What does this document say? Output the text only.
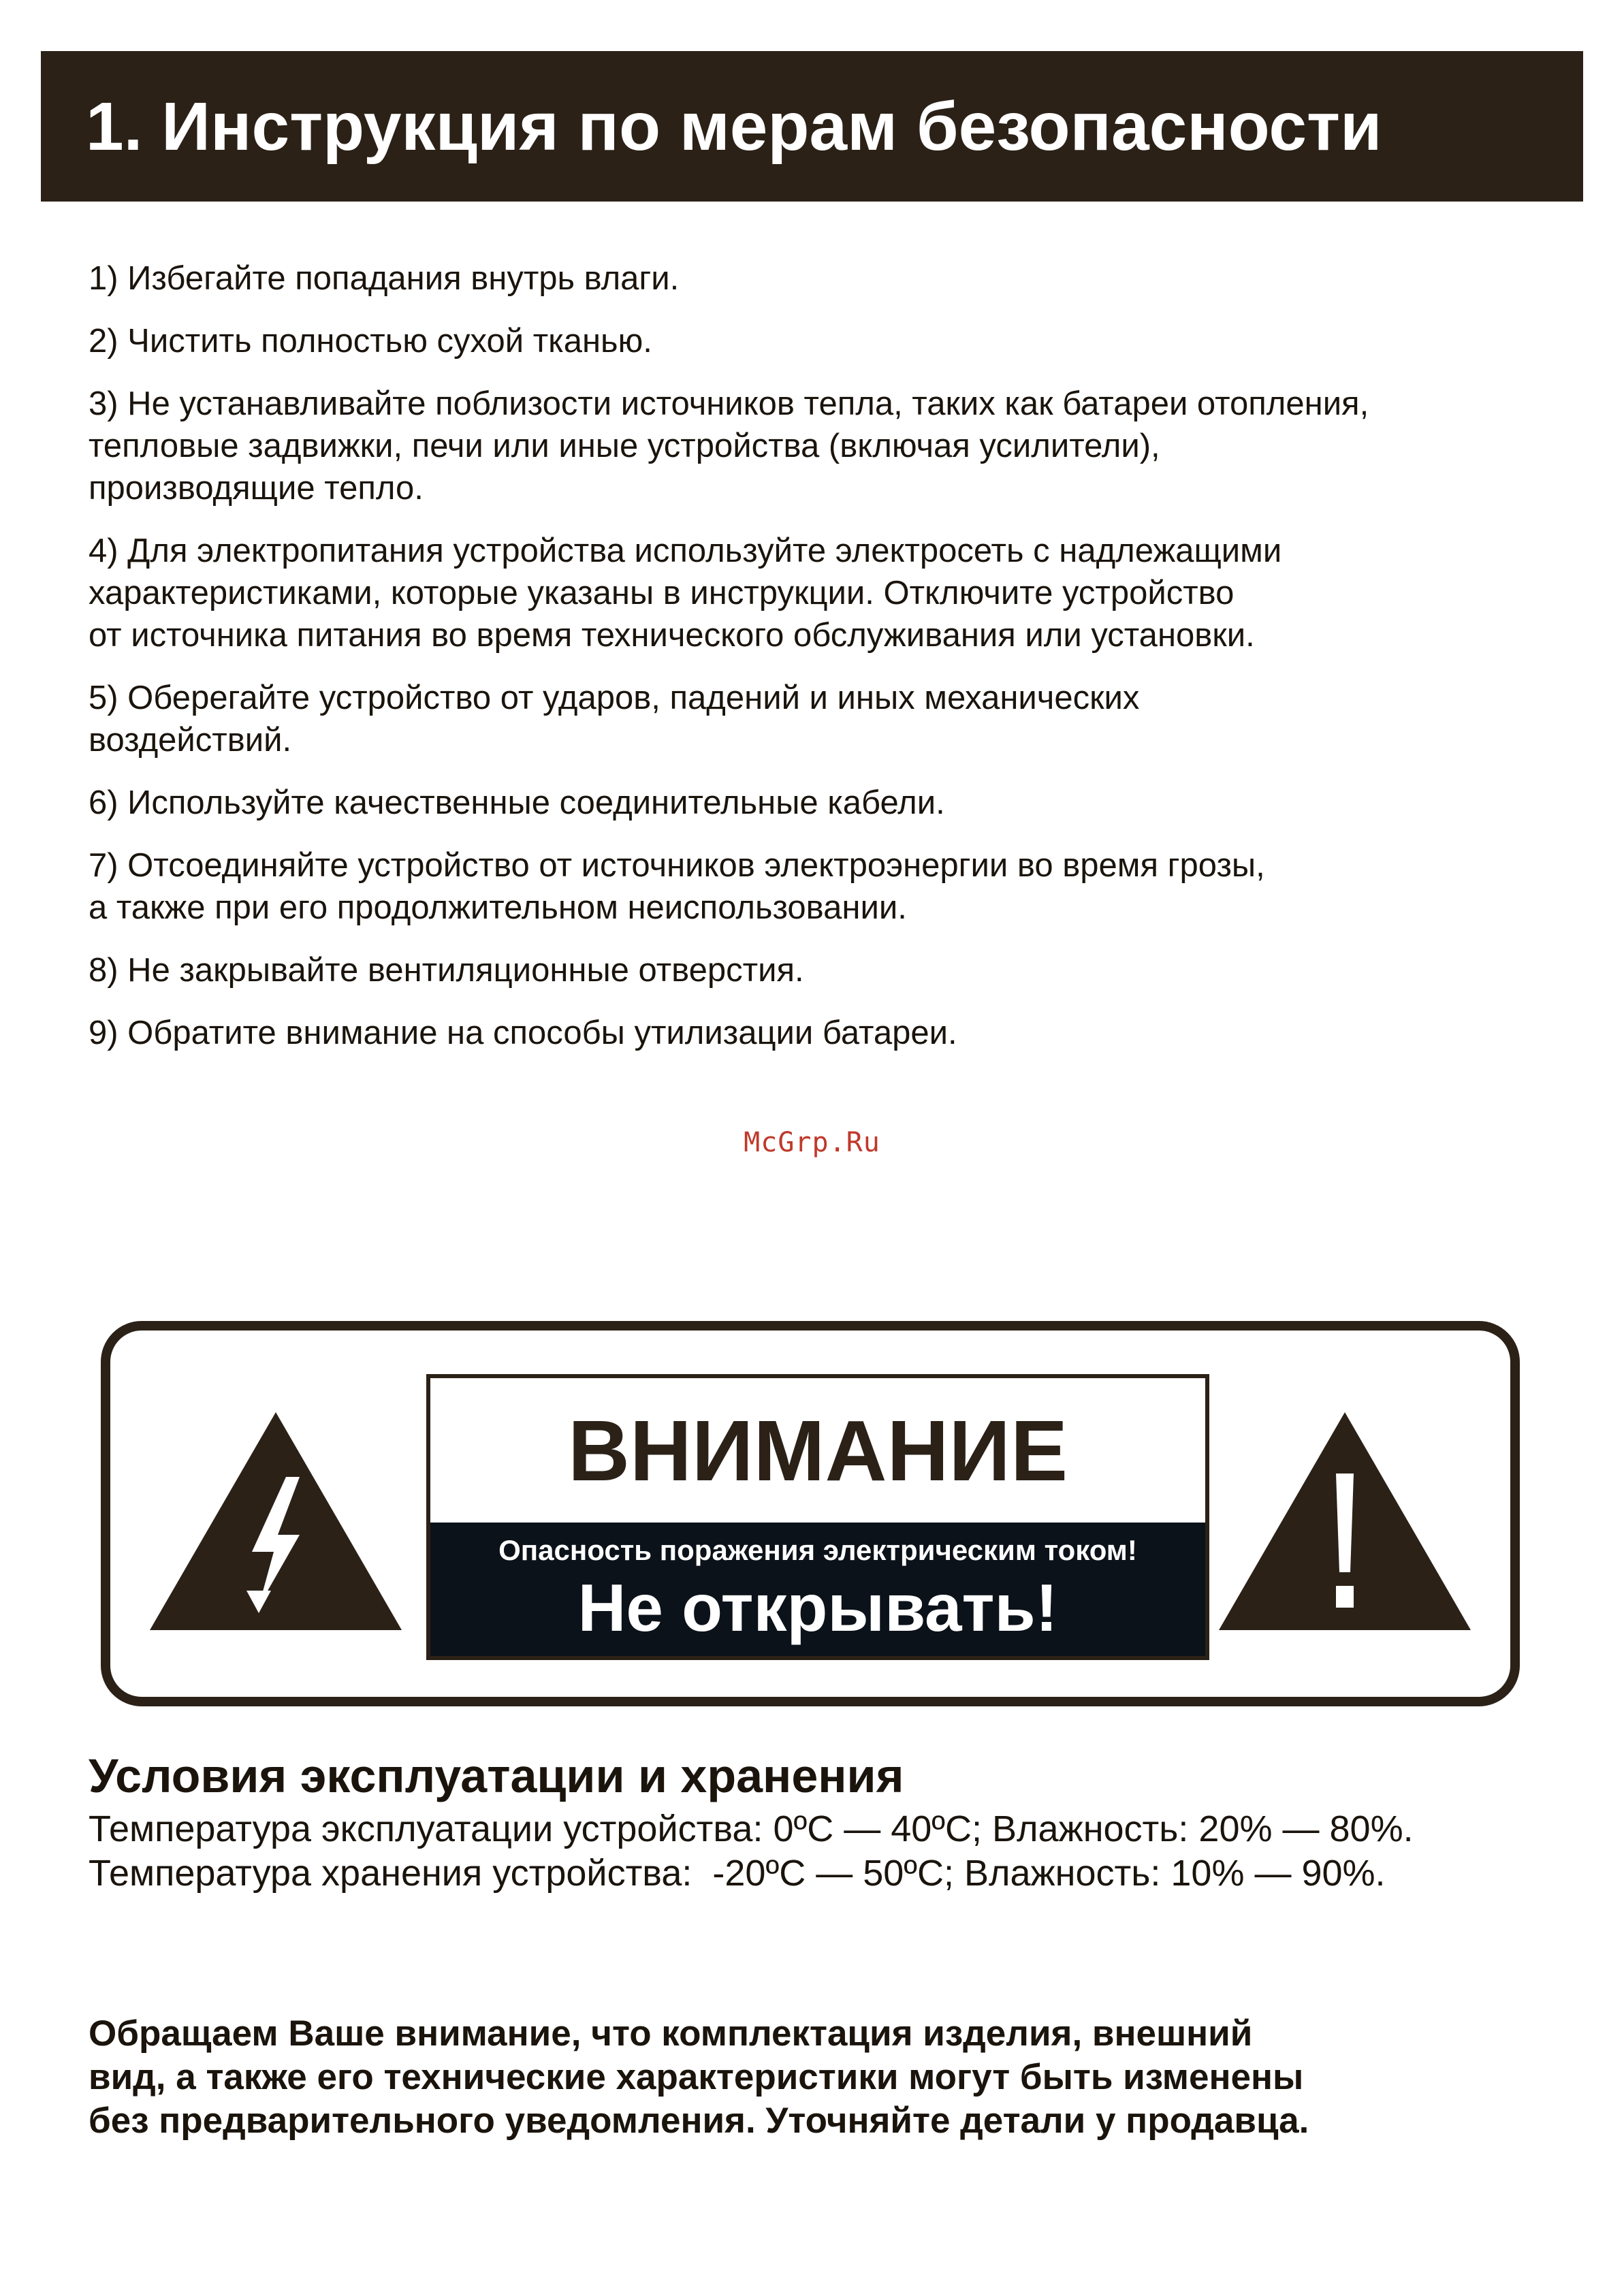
1. Инструкция по мерам безопасности
1) Избегайте попадания внутрь влаги.
2) Чистить полностью сухой тканью.
3) Не устанавливайте поблизости источников тепла, таких как батареи отопления,
тепловые задвижки, печи или иные устройства (включая усилители),
производящие тепло.
4) Для электропитания устройства используйте электросеть с надлежащими
характеристиками, которые указаны в инструкции. Отключите устройство
от источника питания во время технического обслуживания или установки.
5) Оберегайте устройство от ударов, падений и иных механических
воздействий.
6) Используйте качественные соединительные кабели.
7) Отсоединяйте устройство от источников электроэнергии во время грозы,
а также при его продолжительном неиспользовании.
8) Не закрывайте вентиляционные отверстия.
9) Обратите внимание на способы утилизации батареи.
McGrp.Ru
ВНИМАНИЕ
Опасность поражения электрическим током!
Не открывать!
Условия эксплуатации и хранения
Температура эксплуатации устройства: 0ºC — 40ºC; Влажность: 20% — 80%.
Температура хранения устройства:  -20ºC — 50ºC; Влажность: 10% — 90%.
Обращаем Ваше внимание, что комплектация изделия, внешний
вид, а также его технические характеристики могут быть изменены
без предварительного уведомления. Уточняйте детали у продавца.
